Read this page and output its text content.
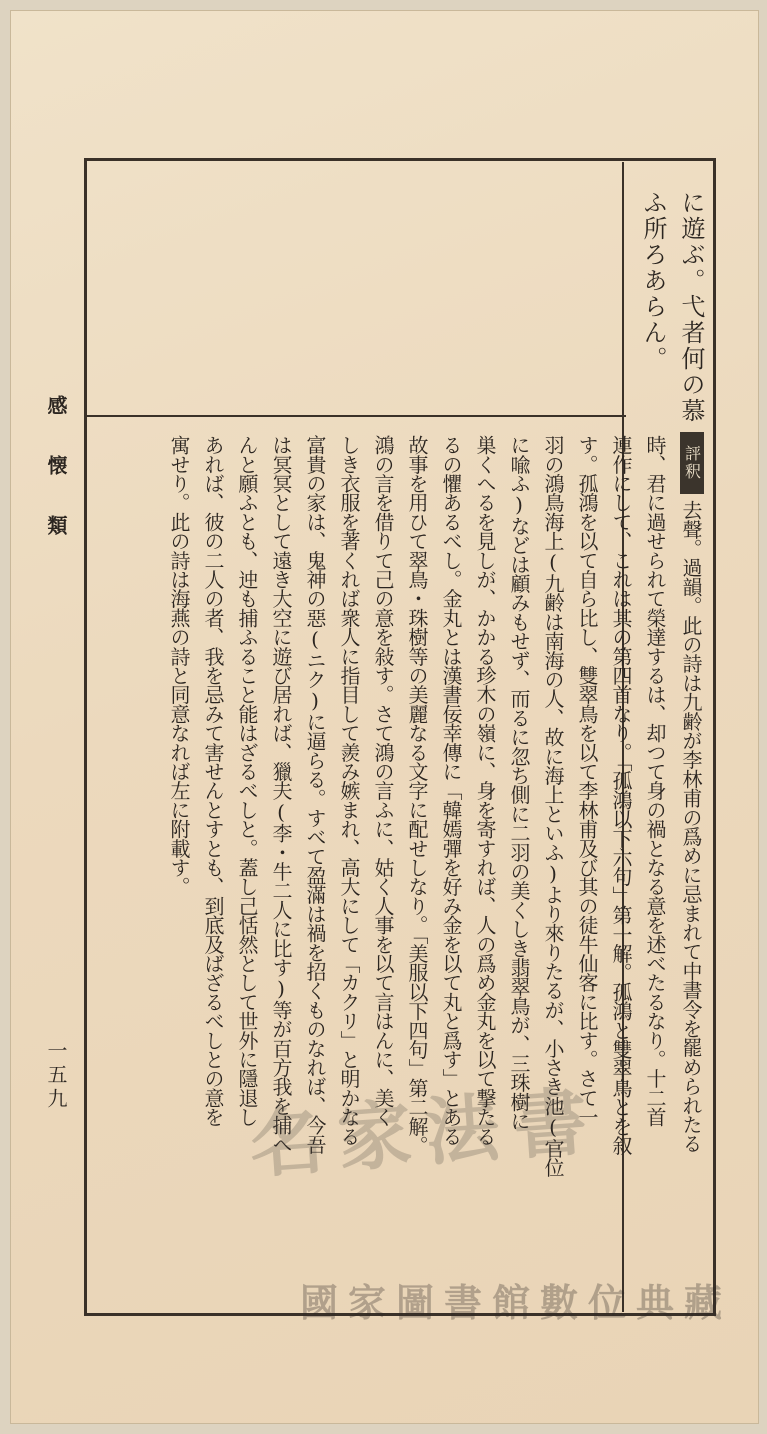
感懐類

一五九

に遊ぶ。弋者何の慕

ふ所ろあらん。

評釈

去聲。過韻。此の詩は九齢が李林甫の爲めに忌まれて中書令を罷められたる

時、君に過せられて榮達するは、却つて身の禍となる意を述べたるなり。十二首

連作にして、これは其の第四首なり。「孤鴻以下六句」第一解。孤鴻と雙翠鳥とを叙

す。孤鴻を以て自ら比し、雙翠鳥を以て李林甫及び其の徒牛仙客に比す。さて一

羽の鴻鳥海上(九齢は南海の人、故に海上といふ)より來りたるが、小さき池(官位

に喩ふ)などは顧みもせず、而るに忽ち側に二羽の美くしき翡翠鳥が、三珠樹に

巣くへるを見しが、かかる珍木の嶺に、身を寄すれば、人の爲め金丸を以て撃たる

るの懼あるべし。金丸とは漢書佞幸傳に「韓嫣彈を好み金を以て丸と爲す」とある

故事を用ひて翠鳥・珠樹等の美麗なる文字に配せしなり。「美服以下四句」第二解。

鴻の言を借りて己の意を敍す。さて鴻の言ふに、姑く人事を以て言はんに、美く

しき衣服を著くれば衆人に指目して羨み嫉まれ、高大にして「カクリ」と明かなる

富貴の家は、鬼神の惡(ニク)に逼らる。すべて盈滿は禍を招くものなれば、今吾

は冥冥として遠き大空に遊び居れば、獵夫(李・牛二人に比す)等が百方我を捕へ

んと願ふとも、迚も捕ふること能はざるべしと。蓋し己恬然として世外に隱退し

あれば、彼の二人の者、我を忌みて害せんとすとも、到底及ばざるべしとの意を

寓せり。此の詩は海燕の詩と同意なれば左に附載す。

名家法書
國家圖書館數位典藏
